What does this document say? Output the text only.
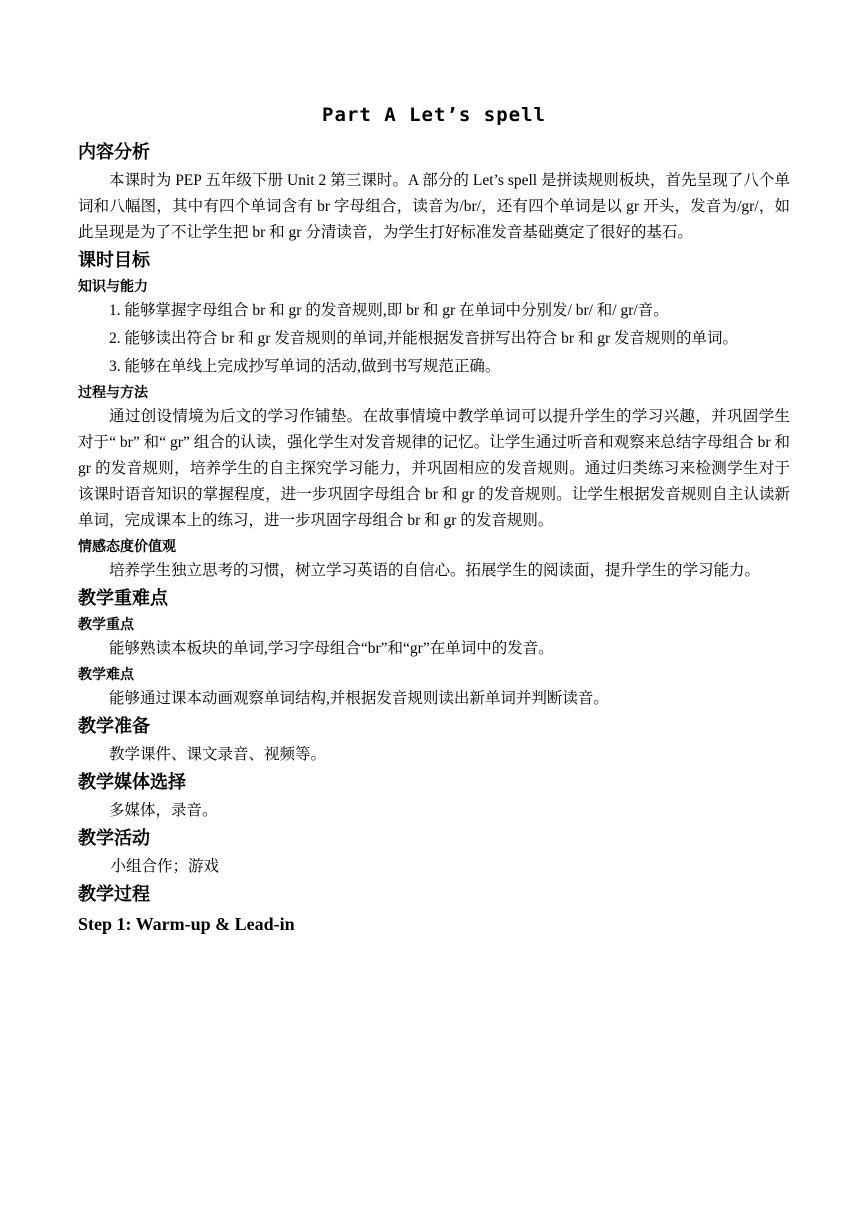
Part A Let’s spell
内容分析

本课时为 PEP 五年级下册 Unit 2 第三课时。A 部分的 Let’s spell 是拼读规则板块，首先呈现了八个单词和八幅图，其中有四个单词含有 br 字母组合，读音为/br/，还有四个单词是以 gr 开头，发音为/gr/，如此呈现是为了不让学生把 br 和 gr 分清读音，为学生打好标准发音基础奠定了很好的基石。

课时目标
知识与能力

1. 能够掌握字母组合 br 和 gr 的发音规则,即 br 和 gr 在单词中分别发/ br/ 和/ gr/音。

2. 能够读出符合 br 和 gr 发音规则的单词,并能根据发音拼写出符合 br 和 gr 发音规则的单词。

3. 能够在单线上完成抄写单词的活动,做到书写规范正确。

过程与方法

通过创设情境为后文的学习作铺垫。在故事情境中教学单词可以提升学生的学习兴趣，并巩固学生对于“ br” 和“ gr” 组合的认读，强化学生对发音规律的记忆。让学生通过听音和观察来总结字母组合 br 和 gr 的发音规则，培养学生的自主探究学习能力，并巩固相应的发音规则。通过归类练习来检测学生对于该课时语音知识的掌握程度，进一步巩固字母组合 br 和 gr 的发音规则。让学生根据发音规则自主认读新单词，完成课本上的练习，进一步巩固字母组合 br 和 gr 的发音规则。

情感态度价值观

培养学生独立思考的习惯，树立学习英语的自信心。拓展学生的阅读面，提升学生的学习能力。

教学重难点
教学重点

能够熟读本板块的单词,学习字母组合“br”和“gr”在单词中的发音。

教学难点

能够通过课本动画观察单词结构,并根据发音规则读出新单词并判断读音。

教学准备

教学课件、课文录音、视频等。

教学媒体选择

多媒体，录音。

教学活动

小组合作；游戏

教学过程
Step 1: Warm-up & Lead-in
